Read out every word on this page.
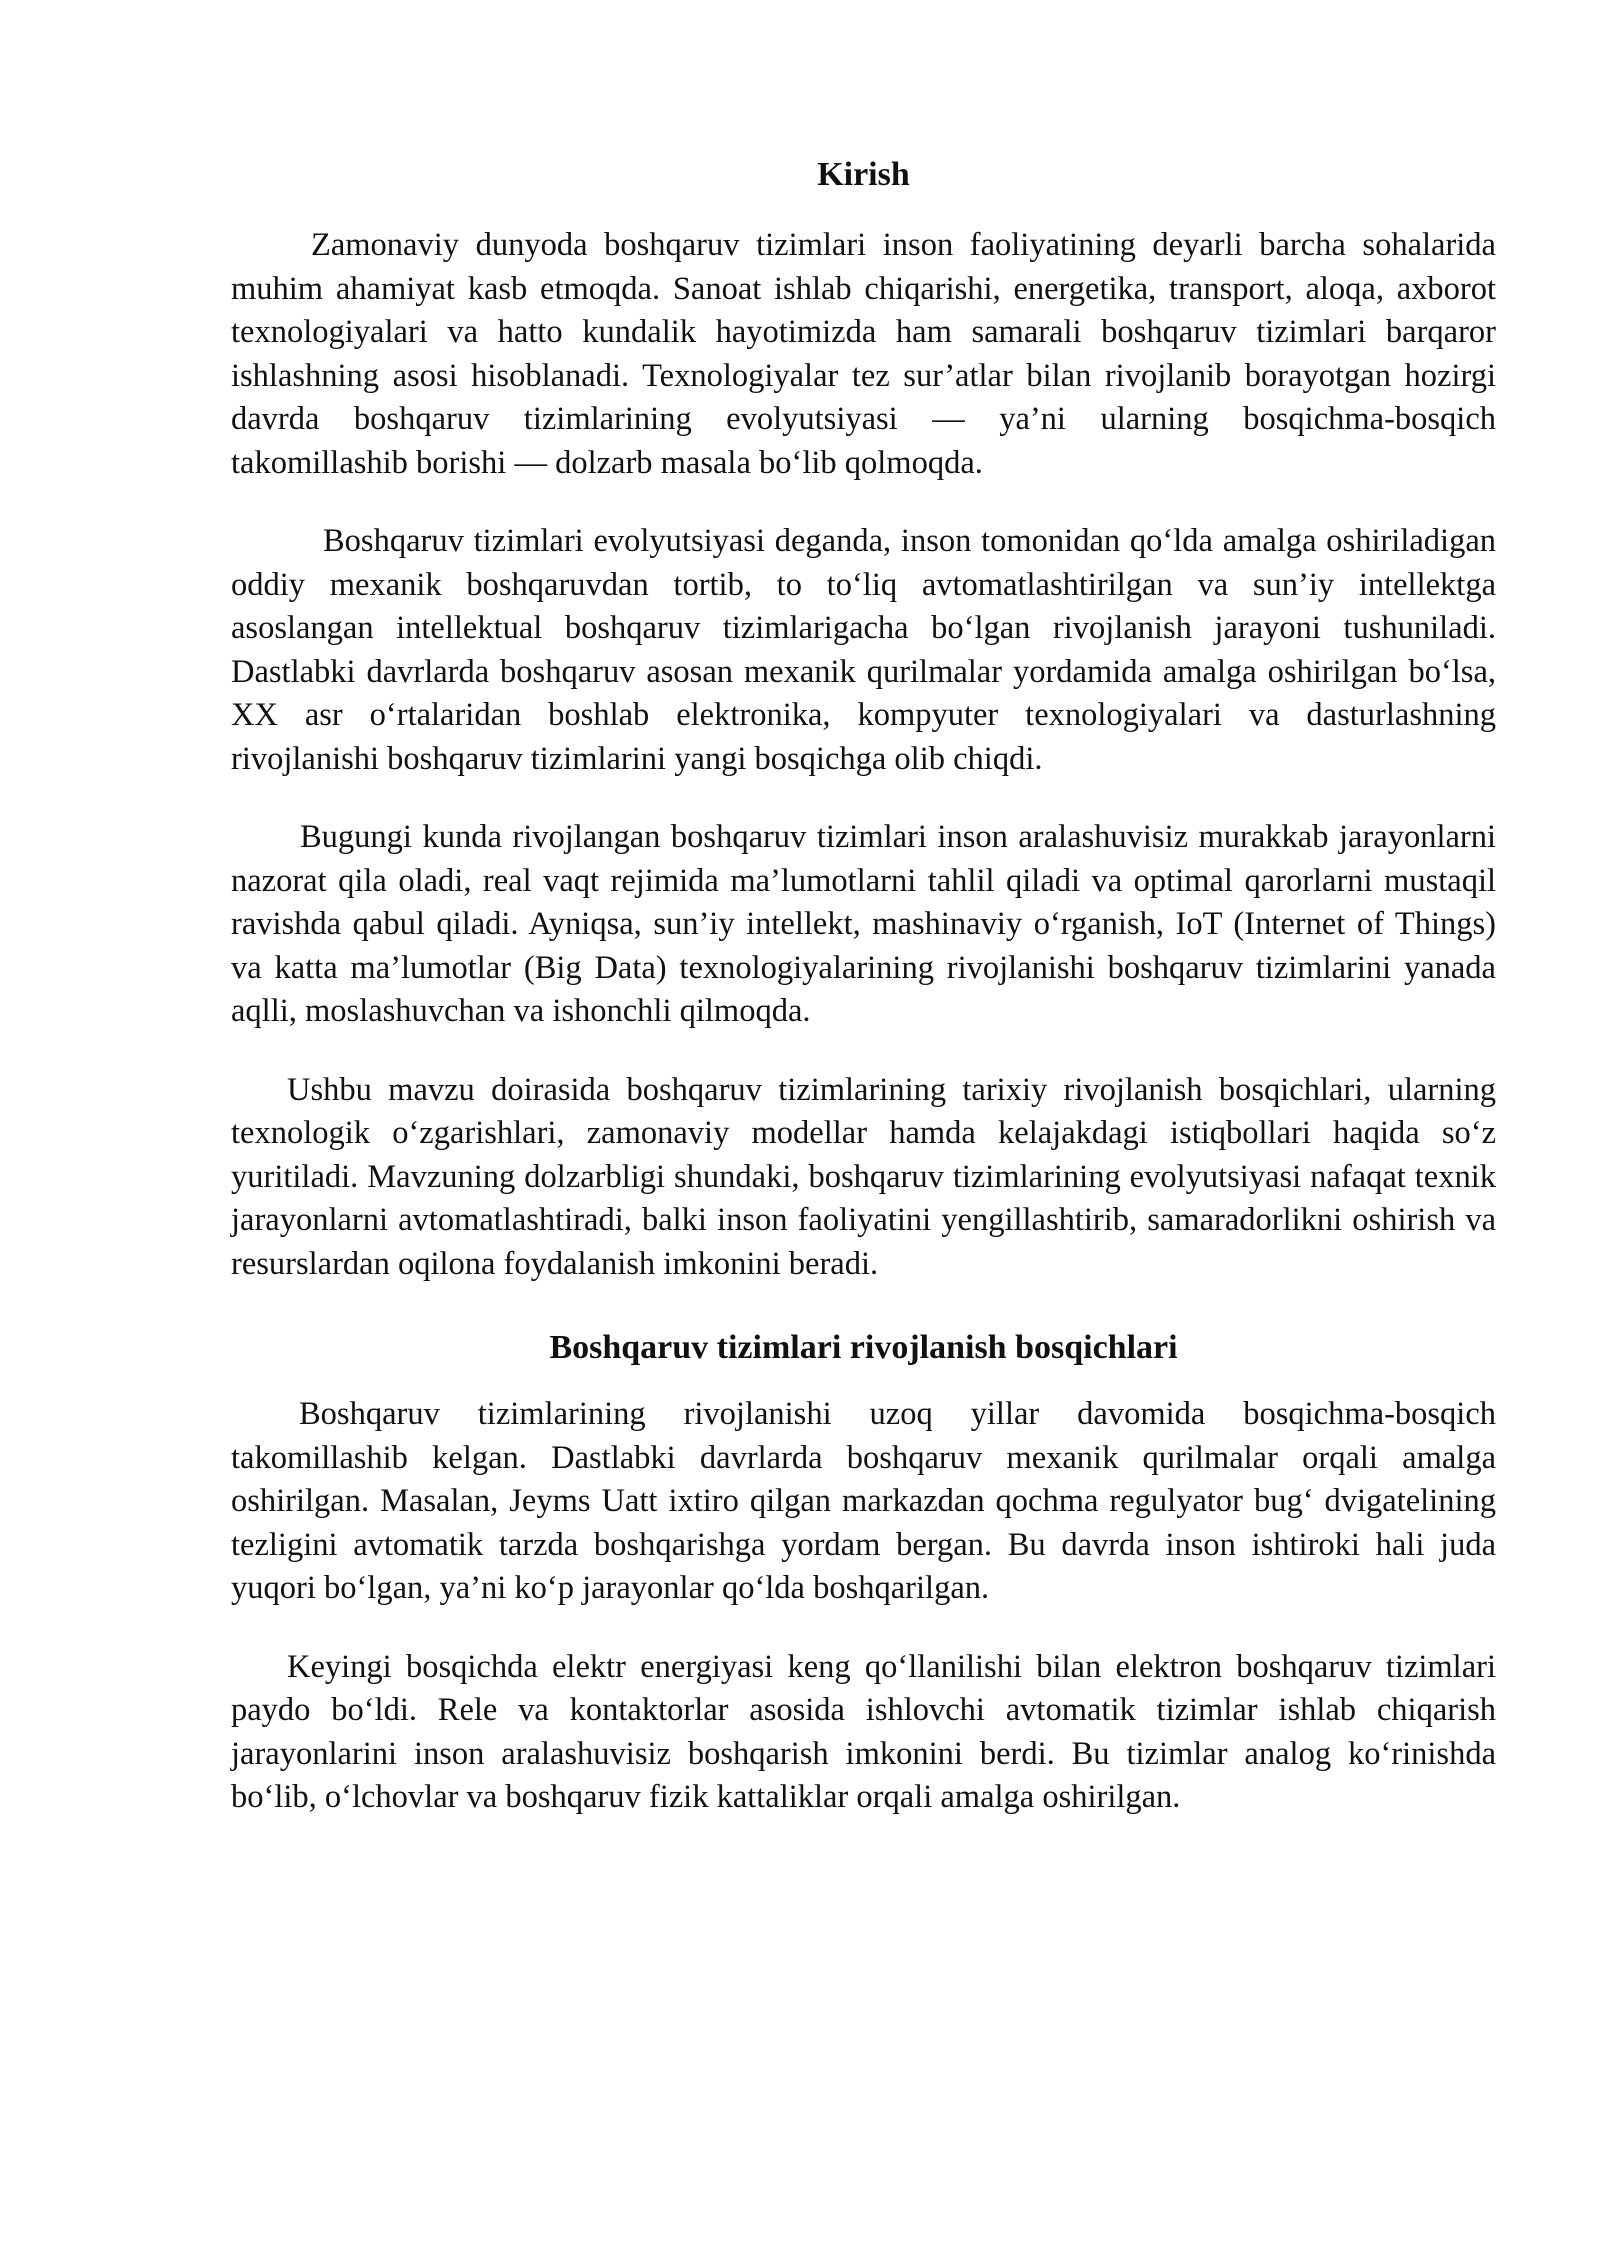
Kirish

Zamonaviy dunyoda boshqaruv tizimlari inson faoliyatining deyarli barcha sohalarida muhim ahamiyat kasb etmoqda. Sanoat ishlab chiqarishi, energetika, transport, aloqa, axborot texnologiyalari va hatto kundalik hayotimizda ham samarali boshqaruv tizimlari barqaror ishlashning asosi hisoblanadi. Texnologiyalar tez sur’atlar bilan rivojlanib borayotgan hozirgi davrda boshqaruv tizimlarining evolyutsiyasi — ya’ni ularning bosqichma-bosqich takomillashib borishi — dolzarb masala bo‘lib qolmoqda.

Boshqaruv tizimlari evolyutsiyasi deganda, inson tomonidan qo‘lda amalga oshiriladigan oddiy mexanik boshqaruvdan tortib, to to‘liq avtomatlashtirilgan va sun’iy intellektga asoslangan intellektual boshqaruv tizimlarigacha bo‘lgan rivojlanish jarayoni tushuniladi. Dastlabki davrlarda boshqaruv asosan mexanik qurilmalar yordamida amalga oshirilgan bo‘lsa, XX asr o‘rtalaridan boshlab elektronika, kompyuter texnologiyalari va dasturlashning rivojlanishi boshqaruv tizimlarini yangi bosqichga olib chiqdi.

Bugungi kunda rivojlangan boshqaruv tizimlari inson aralashuvisiz murakkab jarayonlarni nazorat qila oladi, real vaqt rejimida ma’lumotlarni tahlil qiladi va optimal qarorlarni mustaqil ravishda qabul qiladi. Ayniqsa, sun’iy intellekt, mashinaviy o‘rganish, IoT (Internet of Things) va katta ma’lumotlar (Big Data) texnologiyalarining rivojlanishi boshqaruv tizimlarini yanada aqlli, moslashuvchan va ishonchli qilmoqda.

Ushbu mavzu doirasida boshqaruv tizimlarining tarixiy rivojlanish bosqichlari, ularning texnologik o‘zgarishlari, zamonaviy modellar hamda kelajakdagi istiqbollari haqida so‘z yuritiladi. Mavzuning dolzarbligi shundaki, boshqaruv tizimlarining evolyutsiyasi nafaqat texnik jarayonlarni avtomatlashtiradi, balki inson faoliyatini yengillashtirib, samaradorlikni oshirish va resurslardan oqilona foydalanish imkonini beradi.

Boshqaruv tizimlari rivojlanish bosqichlari

Boshqaruv tizimlarining rivojlanishi uzoq yillar davomida bosqichma-bosqich takomillashib kelgan. Dastlabki davrlarda boshqaruv mexanik qurilmalar orqali amalga oshirilgan. Masalan, Jeyms Uatt ixtiro qilgan markazdan qochma regulyator bug‘ dvigatelining tezligini avtomatik tarzda boshqarishga yordam bergan. Bu davrda inson ishtiroki hali juda yuqori bo‘lgan, ya’ni ko‘p jarayonlar qo‘lda boshqarilgan.

Keyingi bosqichda elektr energiyasi keng qo‘llanilishi bilan elektron boshqaruv tizimlari paydo bo‘ldi. Rele va kontaktorlar asosida ishlovchi avtomatik tizimlar ishlab chiqarish jarayonlarini inson aralashuvisiz boshqarish imkonini berdi. Bu tizimlar analog ko‘rinishda bo‘lib, o‘lchovlar va boshqaruv fizik kattaliklar orqali amalga oshirilgan.
